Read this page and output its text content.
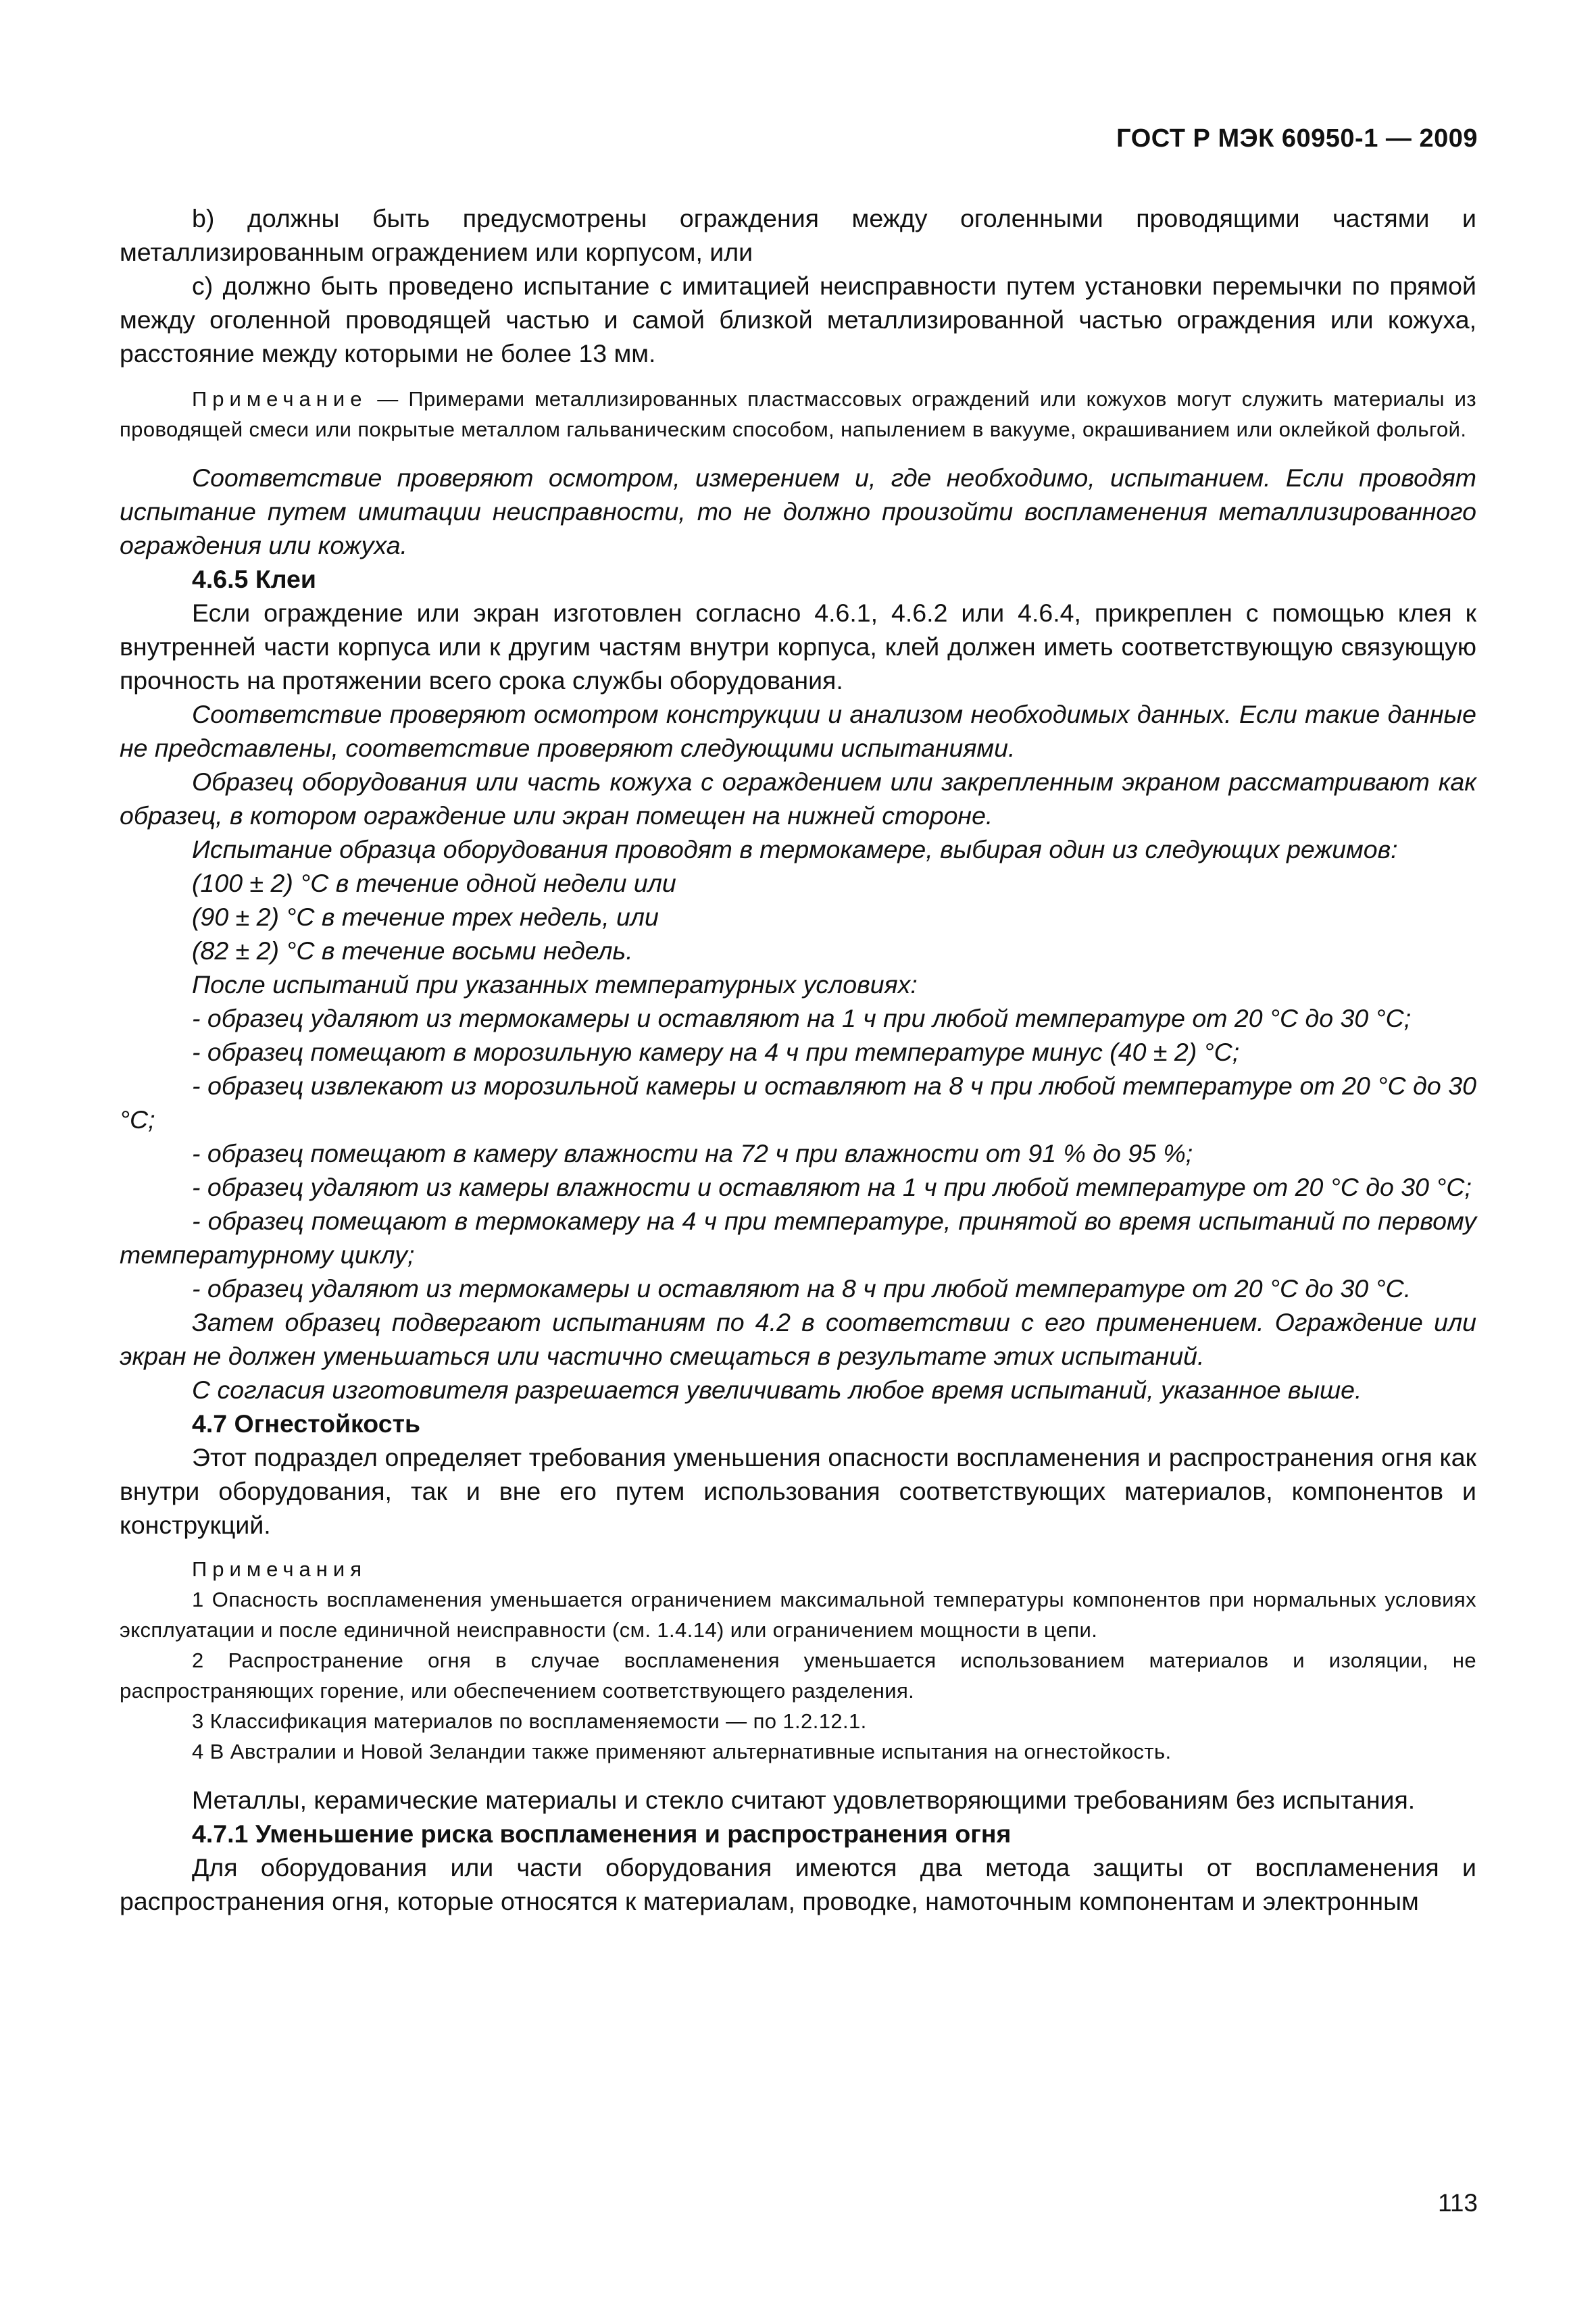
ГОСТ Р МЭК 60950-1 — 2009

b) должны быть предусмотрены ограждения между оголенными проводящими частями и металлизированным ограждением или корпусом, или

c) должно быть проведено испытание с имитацией неисправности путем установки перемычки по прямой между оголенной проводящей частью и самой близкой металлизированной частью ограждения или кожуха, расстояние между которыми не более 13 мм.

Примечание — Примерами металлизированных пластмассовых ограждений или кожухов могут служить материалы из проводящей смеси или покрытые металлом гальваническим способом, напылением в вакууме, окрашиванием или оклейкой фольгой.

Соответствие проверяют осмотром, измерением и, где необходимо, испытанием. Если проводят испытание путем имитации неисправности, то не должно произойти воспламенения металлизированного ограждения или кожуха.

4.6.5 Клеи

Если ограждение или экран изготовлен согласно 4.6.1, 4.6.2 или 4.6.4, прикреплен с помощью клея к внутренней части корпуса или к другим частям внутри корпуса, клей должен иметь соответствующую связующую прочность на протяжении всего срока службы оборудования.

Соответствие проверяют осмотром конструкции и анализом необходимых данных. Если такие данные не представлены, соответствие проверяют следующими испытаниями.

Образец оборудования или часть кожуха с ограждением или закрепленным экраном рассматривают как образец, в котором ограждение или экран помещен на нижней стороне.

Испытание образца оборудования проводят в термокамере, выбирая один из следующих режимов:

(100 ± 2) °С в течение одной недели или

(90 ± 2) °С в течение трех недель, или

(82 ± 2) °С в течение восьми недель.

После испытаний при указанных температурных условиях:

- образец удаляют из термокамеры и оставляют на 1 ч при любой температуре от 20 °С до 30 °С;

- образец помещают в морозильную камеру на 4 ч при температуре минус (40 ± 2) °С;

- образец извлекают из морозильной камеры и оставляют на 8 ч при любой температуре от 20 °С до 30 °С;

- образец помещают в камеру влажности на 72 ч при влажности от 91 % до 95 %;

- образец удаляют из камеры влажности и оставляют на 1 ч при любой температуре от 20 °С до 30 °С;

- образец помещают в термокамеру на 4 ч при температуре, принятой во время испытаний по первому температурному циклу;

- образец удаляют из термокамеры и оставляют на 8 ч при любой температуре от 20 °С до 30 °С.

Затем образец подвергают испытаниям по 4.2 в соответствии с его применением. Ограждение или экран не должен уменьшаться или частично смещаться в результате этих испытаний.

С согласия изготовителя разрешается увеличивать любое время испытаний, указанное выше.

4.7 Огнестойкость

Этот подраздел определяет требования уменьшения опасности воспламенения и распространения огня как внутри оборудования, так и вне его путем использования соответствующих материалов, компонентов и конструкций.

Примечания

1 Опасность воспламенения уменьшается ограничением максимальной температуры компонентов при нормальных условиях эксплуатации и после единичной неисправности (см. 1.4.14) или ограничением мощности в цепи.

2 Распространение огня в случае воспламенения уменьшается использованием материалов и изоляции, не распространяющих горение, или обеспечением соответствующего разделения.

3 Классификация материалов по воспламеняемости — по 1.2.12.1.

4 В Австралии и Новой Зеландии также применяют альтернативные испытания на огнестойкость.

Металлы, керамические материалы и стекло считают удовлетворяющими требованиям без испытания.

4.7.1 Уменьшение риска воспламенения и распространения огня

Для оборудования или части оборудования имеются два метода защиты от воспламенения и распространения огня, которые относятся к материалам, проводке, намоточным компонентам и электронным

113
